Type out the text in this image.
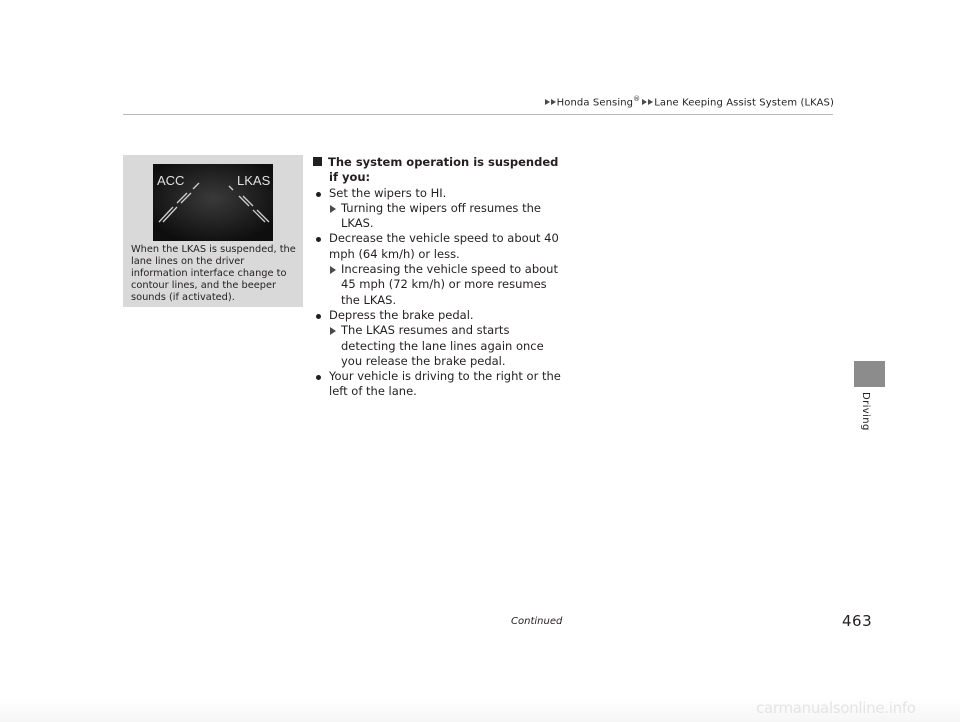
Honda Sensing® Lane Keeping Assist System (LKAS)
Driving
ACC	LKAS
When the LKAS is suspended, the lane lines on the driver information interface change to contour lines, and the beeper sounds (if activated).
The system operation is suspended if you:
Set the wipers to HI.
Turning the wipers off resumes the LKAS.
Decrease the vehicle speed to about 40 mph (64 km/h) or less.
Increasing the vehicle speed to about 45 mph (72 km/h) or more resumes the LKAS.
Depress the brake pedal.
The LKAS resumes and starts detecting the lane lines again once you release the brake pedal.
Your vehicle is driving to the right or the left of the lane.
Continued	463
carmanualsonline.info
